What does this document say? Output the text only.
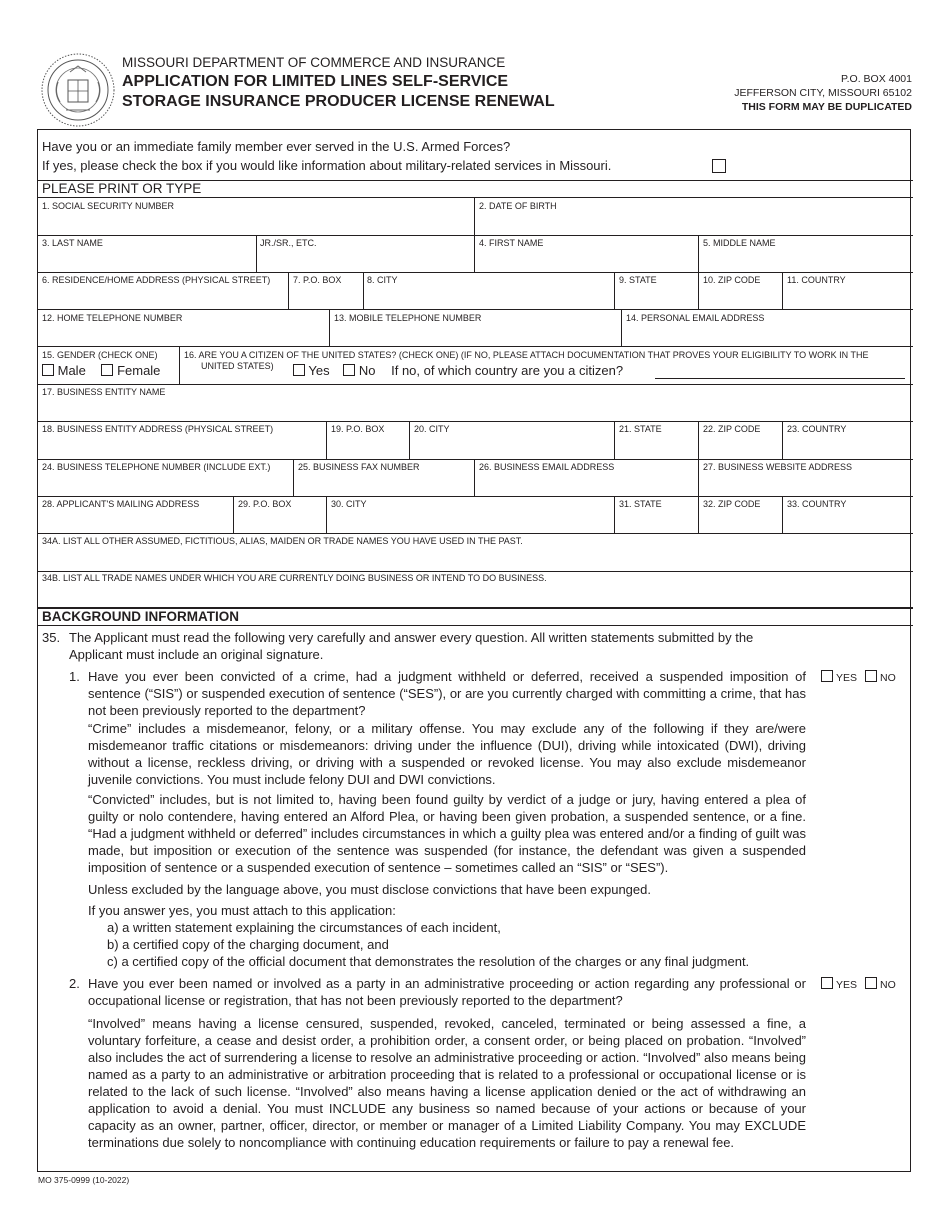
MISSOURI DEPARTMENT OF COMMERCE AND INSURANCE
APPLICATION FOR LIMITED LINES SELF-SERVICE
STORAGE INSURANCE PRODUCER LICENSE RENEWAL
P.O. BOX 4001
JEFFERSON CITY, MISSOURI 65102
THIS FORM MAY BE DUPLICATED
Have you or an immediate family member ever served in the U.S. Armed Forces?
If yes, please check the box if you would like information about military-related services in Missouri.
PLEASE PRINT OR TYPE
1. SOCIAL SECURITY NUMBER	2. DATE OF BIRTH
3. LAST NAME	JR./SR., ETC.	4. FIRST NAME	5. MIDDLE NAME
6. RESIDENCE/HOME ADDRESS (PHYSICAL STREET)	7. P.O. BOX	8. CITY	9. STATE	10. ZIP CODE	11. COUNTRY
12. HOME TELEPHONE NUMBER	13. MOBILE TELEPHONE NUMBER	14. PERSONAL EMAIL ADDRESS
15. GENDER (CHECK ONE)
Male Female
16. ARE YOU A CITIZEN OF THE UNITED STATES? (CHECK ONE) (IF NO, PLEASE ATTACH DOCUMENTATION THAT PROVES YOUR ELIGIBILITY TO WORK IN THE
UNITED STATES)	Yes No If no, of which country are you a citizen?
17. BUSINESS ENTITY NAME
18. BUSINESS ENTITY ADDRESS (PHYSICAL STREET)	19. P.O. BOX	20. CITY	21. STATE	22. ZIP CODE	23. COUNTRY
24. BUSINESS TELEPHONE NUMBER (INCLUDE EXT.)	25. BUSINESS FAX NUMBER	26. BUSINESS EMAIL ADDRESS	27. BUSINESS WEBSITE ADDRESS
28. APPLICANT'S MAILING ADDRESS	29. P.O. BOX	30. CITY	31. STATE	32. ZIP CODE	33. COUNTRY
34A. LIST ALL OTHER ASSUMED, FICTITIOUS, ALIAS, MAIDEN OR TRADE NAMES YOU HAVE USED IN THE PAST.
34B. LIST ALL TRADE NAMES UNDER WHICH YOU ARE CURRENTLY DOING BUSINESS OR INTEND TO DO BUSINESS.
BACKGROUND INFORMATION
35. The Applicant must read the following very carefully and answer every question. All written statements submitted by the
Applicant must include an original signature.
1. Have you ever been convicted of a crime, had a judgment withheld or deferred, received a suspended imposition of sentence (“SIS”) or suspended execution of sentence (“SES”), or are you currently charged with committing a crime, that has not been previously reported to the department?
YES NO
“Crime” includes a misdemeanor, felony, or a military offense. You may exclude any of the following if they are/were misdemeanor traffic citations or misdemeanors: driving under the influence (DUI), driving while intoxicated (DWI), driving without a license, reckless driving, or driving with a suspended or revoked license. You may also exclude misdemeanor juvenile convictions. You must include felony DUI and DWI convictions.
“Convicted” includes, but is not limited to, having been found guilty by verdict of a judge or jury, having entered a plea of guilty or nolo contendere, having entered an Alford Plea, or having been given probation, a suspended sentence, or a fine. “Had a judgment withheld or deferred” includes circumstances in which a guilty plea was entered and/or a finding of guilt was made, but imposition or execution of the sentence was suspended (for instance, the defendant was given a suspended imposition of sentence or a suspended execution of sentence – sometimes called an “SIS” or “SES”).
Unless excluded by the language above, you must disclose convictions that have been expunged.
If you answer yes, you must attach to this application:
a) a written statement explaining the circumstances of each incident,
b) a certified copy of the charging document, and
c) a certified copy of the official document that demonstrates the resolution of the charges or any final judgment.
2. Have you ever been named or involved as a party in an administrative proceeding or action regarding any professional or occupational license or registration, that has not been previously reported to the department?
YES NO
“Involved” means having a license censured, suspended, revoked, canceled, terminated or being assessed a fine, a voluntary forfeiture, a cease and desist order, a prohibition order, a consent order, or being placed on probation. “Involved” also includes the act of surrendering a license to resolve an administrative proceeding or action. “Involved” also means being named as a party to an administrative or arbitration proceeding that is related to a professional or occupational license or is related to the lack of such license. “Involved” also means having a license application denied or the act of withdrawing an application to avoid a denial. You must INCLUDE any business so named because of your actions or because of your capacity as an owner, partner, officer, director, or member or manager of a Limited Liability Company. You may EXCLUDE terminations due solely to noncompliance with continuing education requirements or failure to pay a renewal fee.
MO 375-0999 (10-2022)
